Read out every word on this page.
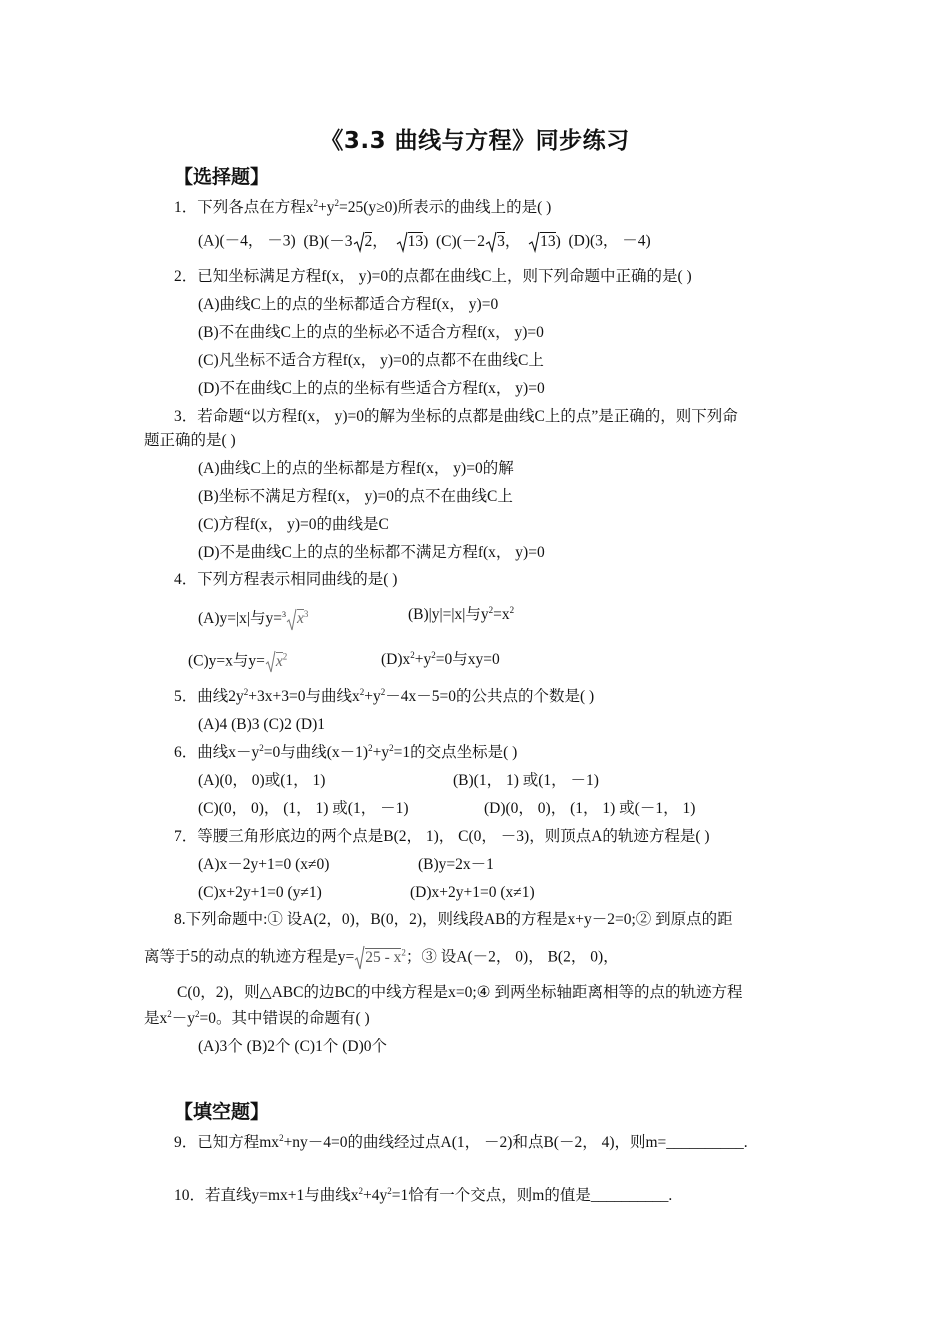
《3.3 曲线与方程》同步练习
【选择题】
1．下列各点在方程$x^2+y^2=25(y\ge 0)$所表示的曲线上的是( )
(A)(－4， －3) (B)(－3 2， 13) (C)(－2 3， 13) (D)(3， －4)
2．已知坐标满足方程f(x， y)=0的点都在曲线C上，则下列命题中正确的是( )
(A)曲线C上的点的坐标都适合方程f(x， y)=0
(B)不在曲线C上的点的坐标必不适合方程f(x， y)=0
(C)凡坐标不适合方程f(x， y)=0的点都不在曲线C上
(D)不在曲线C上的点的坐标有些适合方程f(x， y)=0
3．若命题“以方程f(x， y)=0的解为坐标的点都是曲线C上的点”是正确的，则下列命
题正确的是( )
(A)曲线C上的点的坐标都是方程f(x， y)=0的解
(B)坐标不满足方程f(x， y)=0的点不在曲线C上
(C)方程f(x， y)=0的曲线是C
(D)不是曲线C上的点的坐标都不满足方程f(x， y)=0
4．下列方程表示相同曲线的是( )
(A)y=|x|与y=$^3$ $x^3$	(B)|y|=|x|与$y^2=x^2$
(C)y=x与$y= x^2$	$(D)x^2+y^2=0$与xy=0
5．曲线$2y^2+3x+3=0$与曲线$x^2+y^2-4x-5=0$的公共点的个数是( )
(A)4 (B)3 (C)2 (D)1
6．曲线$x-y^2=0$与曲线$(x-1)^2+y^2=1$的交点坐标是( )
(A)(0， 0)或(1， 1)	(B)(1， 1) 或(1， －1)
(C)(0， 0)， (1， 1) 或(1， －1)	(D)(0， 0)， (1， 1) 或(－1， 1)
7．等腰三角形底边的两个点是B(2， 1)， C(0， －3)，则顶点A的轨迹方程是( )
(A)x－2y+1=0 (x≠0)	(B)y=2x－1
(C)x+2y+1=0 (y≠1)	(D)x+2y+1=0 (x≠1)
8.下列命题中:① 设A(2，0)，B(0，2)，则线段AB的方程是x+y－2=0;② 到原点的距
离等于5的动点的轨迹方程是$y= 25 - x^2$；③ 设A(－2， 0)， B(2， 0)，
C(0，2)，则△ABC的边BC的中线方程是x=0;④ 到两坐标轴距离相等的点的轨迹方程
是$x^2-y^2=0$。其中错误的命题有( )
(A)3个 (B)2个 (C)1个 (D)0个
【填空题】
9．已知方程$mx^2+ny-4=0$的曲线经过点A(1， －2)和点B(－2， 4)，则m=__________.
10．若直线y=mx+1与曲线$x^2+4y^2=1$恰有一个交点，则m的值是__________.
